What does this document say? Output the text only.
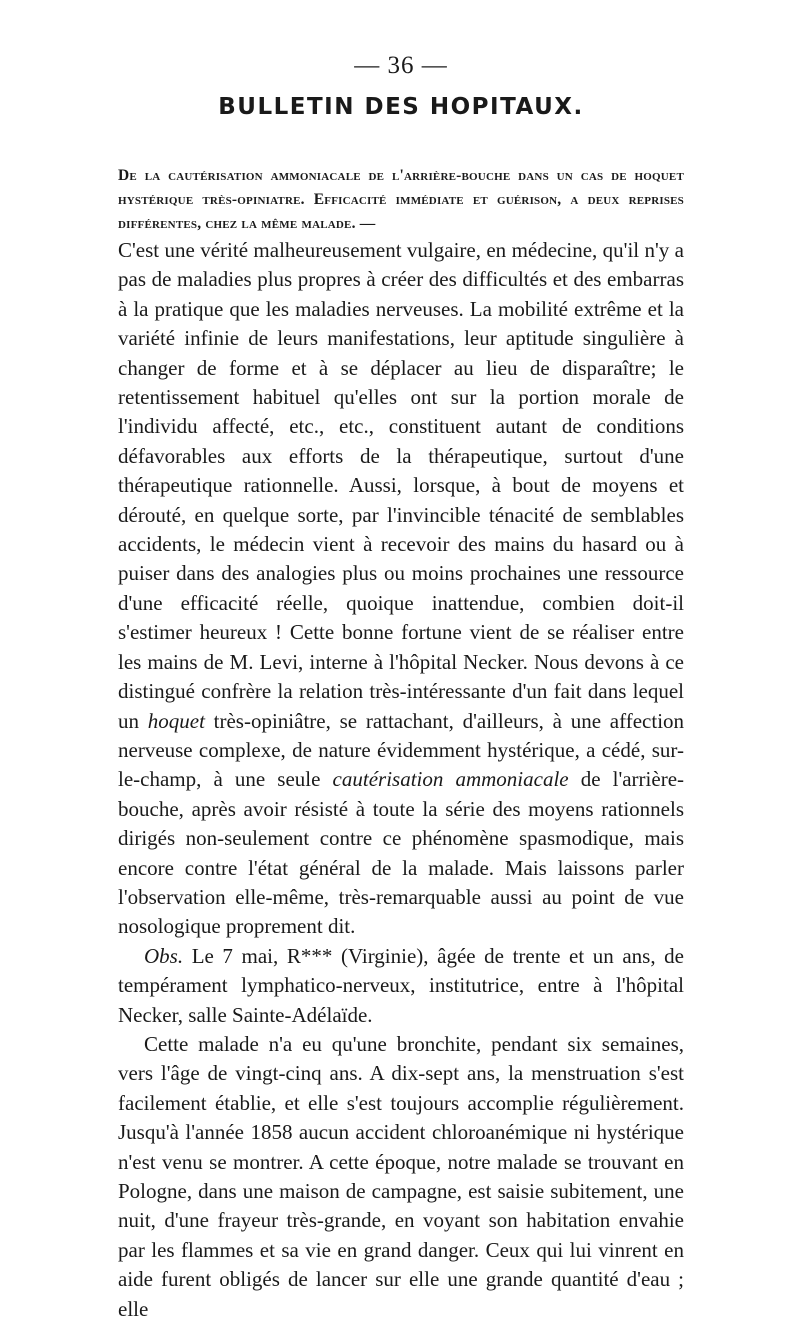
— 36 —
BULLETIN DES HOPITAUX.

De la cautérisation ammoniacale de l'arrière-bouche dans un cas de hoquet hystérique très-opiniatre. Efficacité immédiate et guérison, a deux reprises différentes, chez la même malade. —

C'est une vérité malheureusement vulgaire, en médecine, qu'il n'y a pas de maladies plus propres à créer des difficultés et des embarras à la pratique que les maladies nerveuses. La mobilité extrême et la variété infinie de leurs manifestations, leur aptitude singulière à changer de forme et à se déplacer au lieu de disparaître; le retentissement habituel qu'elles ont sur la portion morale de l'individu affecté, etc., etc., constituent autant de conditions défavorables aux efforts de la thérapeutique, surtout d'une thérapeutique rationnelle. Aussi, lorsque, à bout de moyens et dérouté, en quelque sorte, par l'invincible ténacité de semblables accidents, le médecin vient à recevoir des mains du hasard ou à puiser dans des analogies plus ou moins prochaines une ressource d'une efficacité réelle, quoique inattendue, combien doit-il s'estimer heureux ! Cette bonne fortune vient de se réaliser entre les mains de M. Levi, interne à l'hôpital Necker. Nous devons à ce distingué confrère la relation très-intéressante d'un fait dans lequel un hoquet très-opiniâtre, se rattachant, d'ailleurs, à une affection nerveuse complexe, de nature évidemment hystérique, a cédé, sur-le-champ, à une seule cautérisation ammoniacale de l'arrière-bouche, après avoir résisté à toute la série des moyens rationnels dirigés non-seulement contre ce phénomène spasmodique, mais encore contre l'état général de la malade. Mais laissons parler l'observation elle-même, très-remarquable aussi au point de vue nosologique proprement dit.

Obs. Le 7 mai, R*** (Virginie), âgée de trente et un ans, de tempérament lymphatico-nerveux, institutrice, entre à l'hôpital Necker, salle Sainte-Adélaïde.

Cette malade n'a eu qu'une bronchite, pendant six semaines, vers l'âge de vingt-cinq ans. A dix-sept ans, la menstruation s'est facilement établie, et elle s'est toujours accomplie régulièrement. Jusqu'à l'année 1858 aucun accident chloroanémique ni hystérique n'est venu se montrer. A cette époque, notre malade se trouvant en Pologne, dans une maison de campagne, est saisie subitement, une nuit, d'une frayeur très-grande, en voyant son habitation envahie par les flammes et sa vie en grand danger. Ceux qui lui vinrent en aide furent obligés de lancer sur elle une grande quantité d'eau ; elle
